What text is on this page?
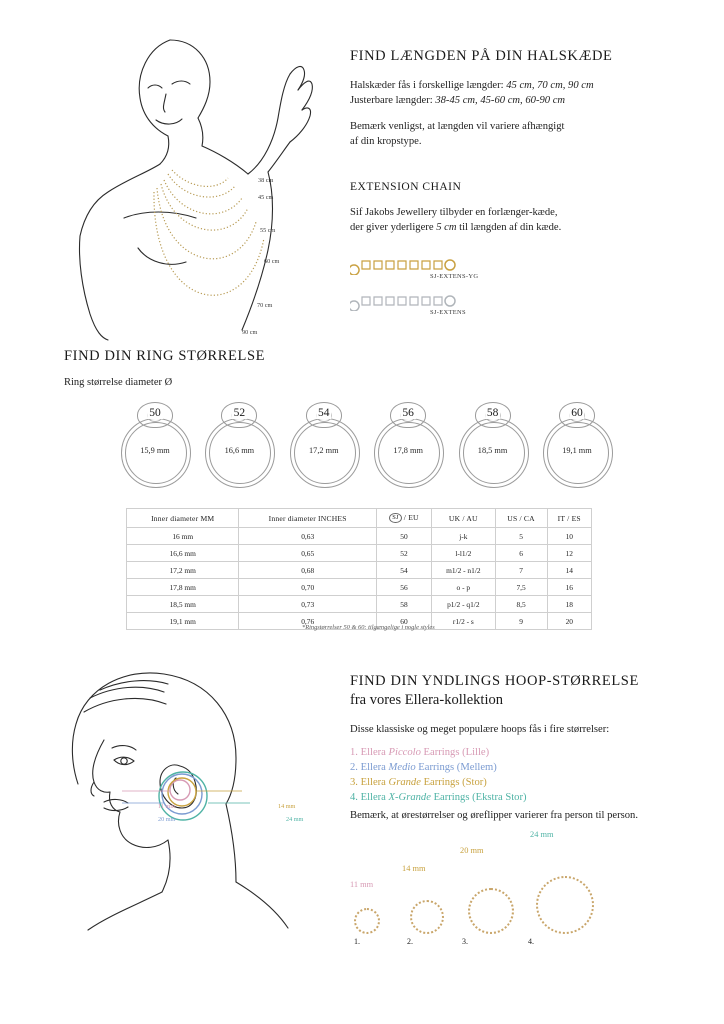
38 cm
45 cm
55 cm
60 cm
70 cm
90 cm
FIND LÆNGDEN PÅ DIN HALSKÆDE

Halskæder fås i forskellige længder: 45 cm, 70 cm, 90 cm
Justerbare længder: 38-45 cm, 45-60 cm, 60-90 cm

Bemærk venligst, at længden vil variere afhængigt
af din kropstype.

EXTENSION CHAIN

Sif Jakobs Jewellery tilbyder en forlænger-kæde,
der giver yderligere 5 cm til længden af din kæde.

SJ-EXTENS-YG
SJ-EXTENS
FIND DIN RING STØRRELSE
Ring størrelse diameter Ø
50
15,9 mm
52
16,6 mm
54
17,2 mm
56
17,8 mm
58
18,5 mm
60
19,1 mm
Inner diameter MM	Inner diameter INCHES	SJ / EU	UK / AU	US / CA	IT / ES
16 mm	0,63	50	j-k	5	10
16,6 mm	0,65	52	l-l1/2	6	12
17,2 mm	0,68	54	m1/2 - n1/2	7	14
17,8 mm	0,70	56	o - p	7,5	16
18,5 mm	0,73	58	p1/2 - q1/2	8,5	18
19,1 mm	0,76	60	r1/2 - s	9	20
*Ringstørrelser 50 & 60: tilgængelige i nogle styles
11 mm
20 mm
14 mm
24 mm
FIND DIN YNDLINGS HOOP-STØRRELSE
fra vores Ellera-kollektion

Disse klassiske og meget populære hoops fås i fire størrelser:

1. Ellera Piccolo Earrings (Lille)
2. Ellera Medio Earrings (Mellem)
3. Ellera Grande Earrings (Stor)
4. Ellera X-Grande Earrings (Ekstra Stor)
Bemærk, at ørestørrelser og øreflipper varierer fra person til person.
1.
11 mm
2.
14 mm
3.
20 mm
4.
24 mm
